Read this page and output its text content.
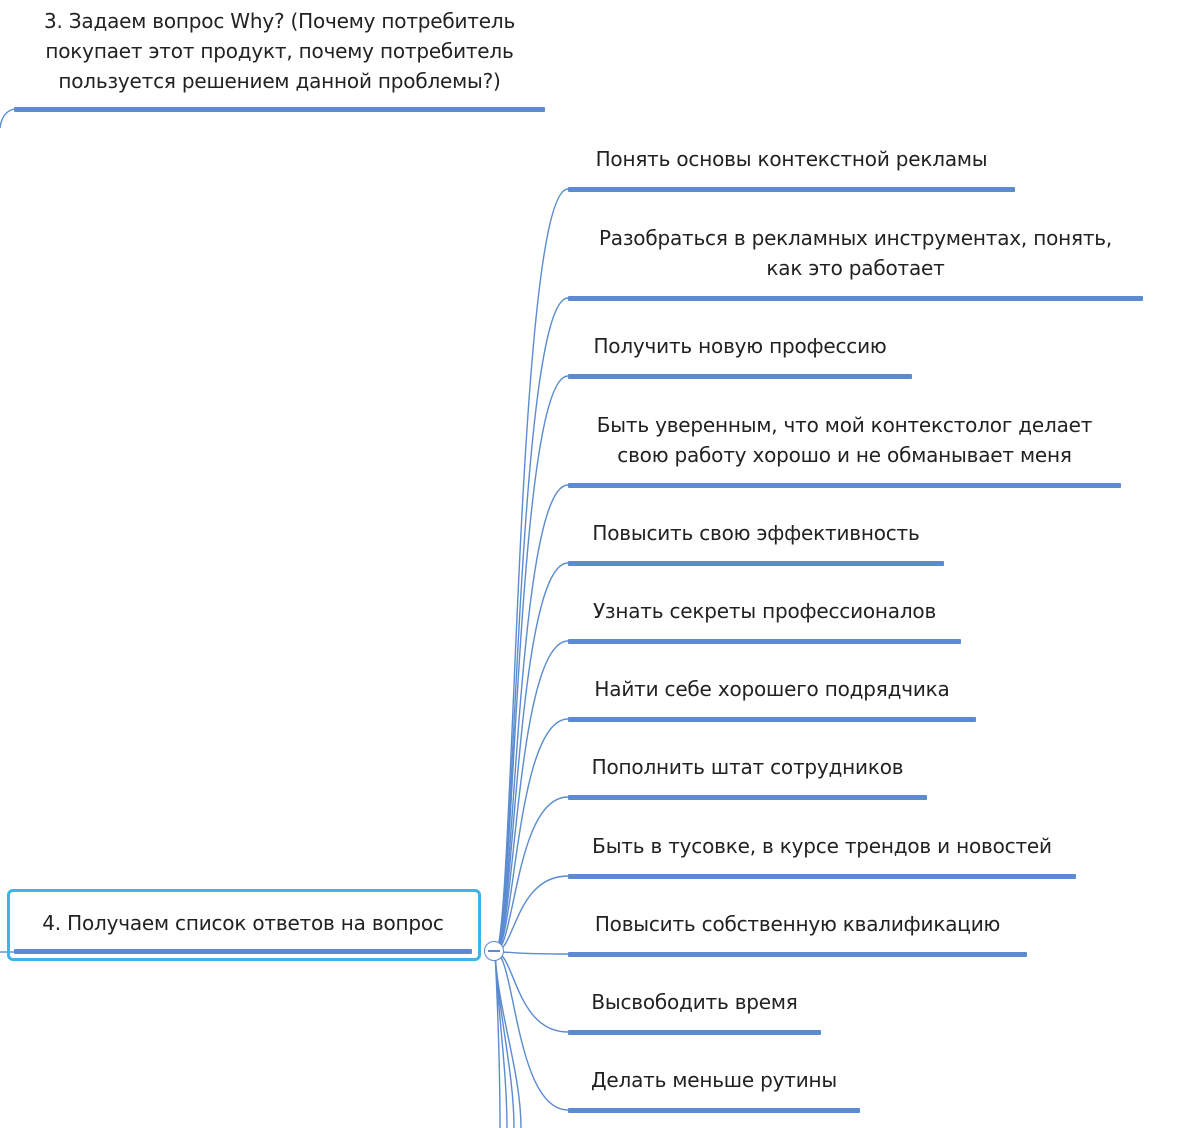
3. Задаем вопрос Why? (Почему потребитель
покупает этот продукт, почему потребитель
пользуется решением данной проблемы?)
4. Получаем список ответов на вопрос
Понять основы контекстной рекламы
Разобраться в рекламных инструментах, понять,
как это работает
Получить новую профессию
Быть уверенным, что мой контекстолог делает
свою работу хорошо и не обманывает меня
Повысить свою эффективность
Узнать секреты профессионалов
Найти себе хорошего подрядчика
Пополнить штат сотрудников
Быть в тусовке, в курсе трендов и новостей
Повысить собственную квалификацию
Высвободить время
Делать меньше рутины
